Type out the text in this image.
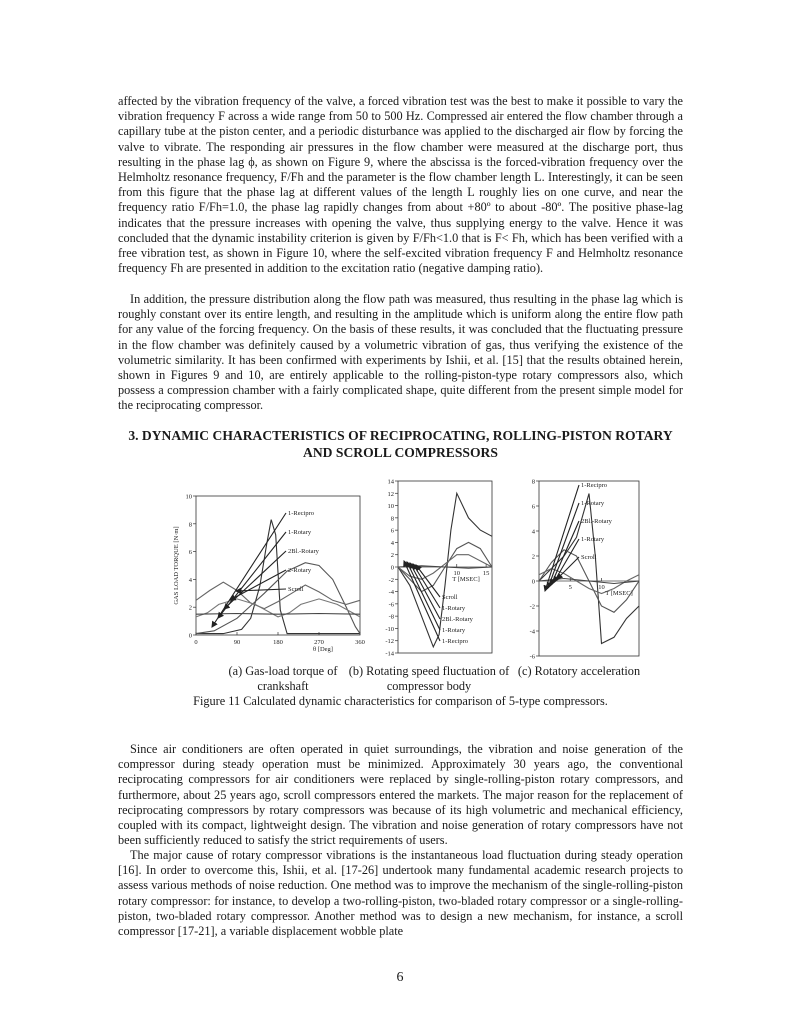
affected by the vibration frequency of the valve, a forced vibration test was the best to make it possible to vary the vibration frequency F across a wide range from 50 to 500 Hz. Compressed air entered the flow chamber through a capillary tube at the piston center, and a periodic disturbance was applied to the discharged air flow by forcing the valve to vibrate. The responding air pressures in the flow chamber were measured at the discharge port, thus resulting in the phase lag ϕ, as shown on Figure 9, where the abscissa is the forced-vibration frequency over the Helmholtz resonance frequency, F/Fh and the parameter is the flow chamber length L. Interestingly, it can be seen from this figure that the phase lag at different values of the length L roughly lies on one curve, and near the frequency ratio F/Fh=1.0, the phase lag rapidly changes from about +80º to about -80º. The positive phase-lag indicates that the pressure increases with opening the valve, thus supplying energy to the valve. Hence it was concluded that the dynamic instability criterion is given by F/Fh<1.0 that is F< Fh, which has been verified with a free vibration test, as shown in Figure 10, where the self-excited vibration frequency F and Helmholtz resonance frequency Fh are presented in addition to the excitation ratio (negative damping ratio).

In addition, the pressure distribution along the flow path was measured, thus resulting in the phase lag which is roughly constant over its entire length, and resulting in the amplitude which is uniform along the entire flow path for any value of the forcing frequency. On the basis of these results, it was concluded that the fluctuating pressure in the flow chamber was definitely caused by a volumetric vibration of gas, thus verifying the existence of the volumetric similarity. It has been confirmed with experiments by Ishii, et al. [15] that the results obtained herein, shown in Figures 9 and 10, are entirely applicable to the rolling-piston-type rotary compressors also, which possess a compression chamber with a fairly complicated shape, quite different from the present simple model for the reciprocating compressor.

3. DYNAMIC CHARACTERISTICS OF RECIPROCATING, ROLLING-PISTON ROTARY AND SCROLL COMPRESSORS
0
2
4
6
8
10
0	90	180	270	360
1-Recipro
1-Rotary
2Bl.-Rotary
2-Rotary
Scroll
θ [Deg]
GAS LOAD TORQUE [N·m]
14
12
10
8
6
4
2
0
-2
-4
-6
-8
-10
-12
-14
10	15
Scroll
1-Rotary
2Bl.-Rotary
1-Rotary
1-Recipro
T [MSEC]
8
6
4
2
0
-2
-4
-6
5	10
1-Recipro
1-Rotary
2Bl.-Rotary
1-Rotary
Scroll
T [MSEC]

(a) Gas-load torque of crankshaft

(b) Rotating speed fluctuation of compressor body

(c) Rotatory acceleration

Figure 11 Calculated dynamic characteristics for comparison of 5-type compressors.

Since air conditioners are often operated in quiet surroundings, the vibration and noise generation of the compressor during steady operation must be minimized. Approximately 30 years ago, the conventional reciprocating compressors for air conditioners were replaced by single-rolling-piston rotary compressors, and furthermore, about 25 years ago, scroll compressors entered the markets. The major reason for the replacement of reciprocating compressors by rotary compressors was because of its high volumetric and mechanical efficiency, coupled with its compact, lightweight design. The vibration and noise generation of rotary compressors have not been sufficiently reduced to satisfy the strict requirements of users.

The major cause of rotary compressor vibrations is the instantaneous load fluctuation during steady operation [16]. In order to overcome this, Ishii, et al. [17-26] undertook many fundamental academic research projects to assess various methods of noise reduction. One method was to improve the mechanism of the single-rolling-piston rotary compressor: for instance, to develop a two-rolling-piston, two-bladed rotary compressor or a single-rolling-piston, two-bladed rotary compressor. Another method was to design a new mechanism, for instance, a scroll compressor [17-21], a variable displacement wobble plate

6
